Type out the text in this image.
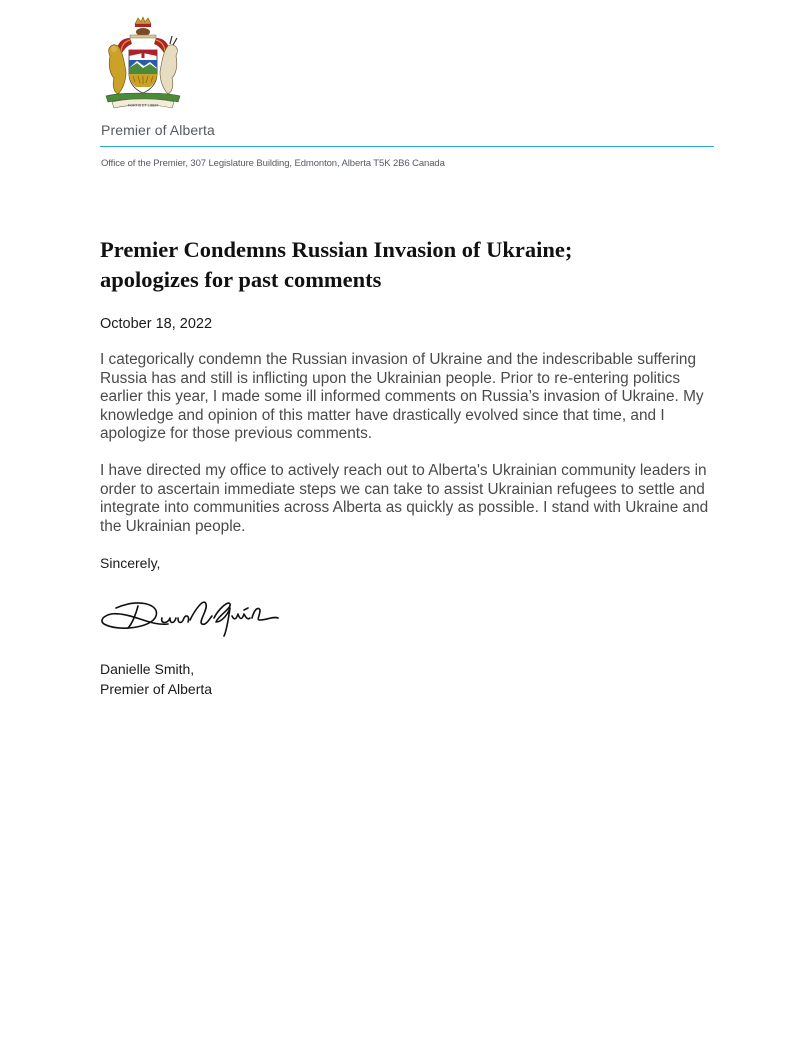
FORTIS ET LIBER
Premier of Alberta
Office of the Premier, 307 Legislature Building, Edmonton, Alberta T5K 2B6 Canada
Premier Condemns Russian Invasion of Ukraine;
apologizes for past comments
October 18, 2022

I categorically condemn the Russian invasion of Ukraine and the indescribable suffering Russia has and still is inflicting upon the Ukrainian people. Prior to re-entering politics earlier this year, I made some ill informed comments on Russia’s invasion of Ukraine. My knowledge and opinion of this matter have drastically evolved since that time, and I apologize for those previous comments.

I have directed my office to actively reach out to Alberta's Ukrainian community leaders in order to ascertain immediate steps we can take to assist Ukrainian refugees to settle and integrate into communities across Alberta as quickly as possible. I stand with Ukraine and the Ukrainian people.

Sincerely,
Danielle Smith,
Premier of Alberta
